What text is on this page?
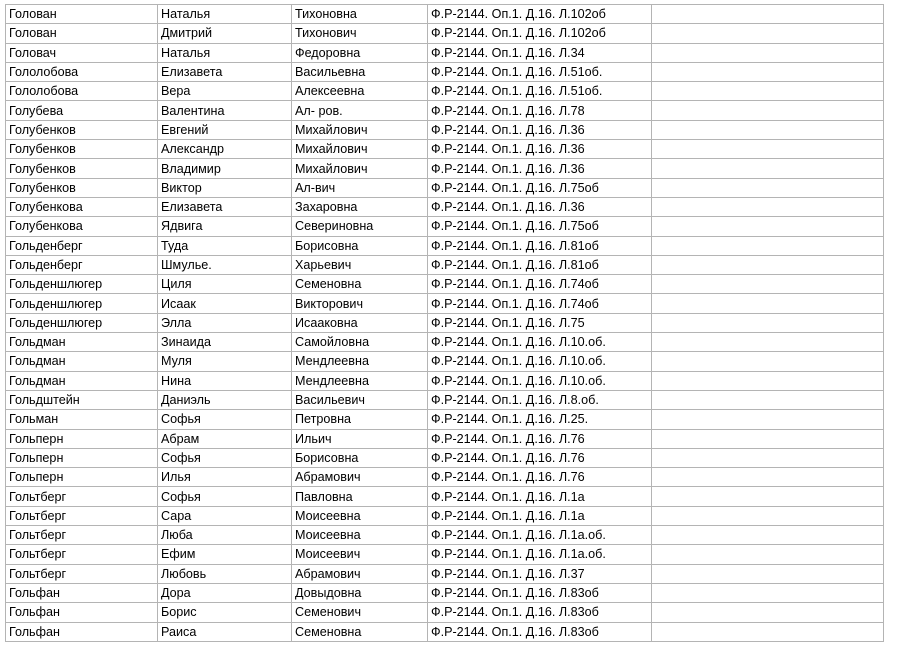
Голован	Наталья	Тихоновна	Ф.Р-2144. Оп.1. Д.16. Л.102об	
Голован	Дмитрий	Тихонович	Ф.Р-2144. Оп.1. Д.16. Л.102об	
Головач	Наталья	Федоровна	Ф.Р-2144. Оп.1. Д.16. Л.34	
Гололобова	Елизавета	Васильевна	Ф.Р-2144. Оп.1. Д.16. Л.51об.	
Гололобова	Вера	Алексеевна	Ф.Р-2144. Оп.1. Д.16. Л.51об.	
Голубева	Валентина	Ал- ров.	Ф.Р-2144. Оп.1. Д.16. Л.78	
Голубенков	Евгений	Михайлович	Ф.Р-2144. Оп.1. Д.16. Л.36	
Голубенков	Александр	Михайлович	Ф.Р-2144. Оп.1. Д.16. Л.36	
Голубенков	Владимир	Михайлович	Ф.Р-2144. Оп.1. Д.16. Л.36	
Голубенков	Виктор	Ал-вич	Ф.Р-2144. Оп.1. Д.16. Л.75об	
Голубенкова	Елизавета	Захаровна	Ф.Р-2144. Оп.1. Д.16. Л.36	
Голубенкова	Ядвига	Севериновна	Ф.Р-2144. Оп.1. Д.16. Л.75об	
Гольденберг	Туда	Борисовна	Ф.Р-2144. Оп.1. Д.16. Л.81об	
Гольденберг	Шмулье.	Харьевич	Ф.Р-2144. Оп.1. Д.16. Л.81об	
Гольденшлюгер	Циля	Семеновна	Ф.Р-2144. Оп.1. Д.16. Л.74об	
Гольденшлюгер	Исаак	Викторович	Ф.Р-2144. Оп.1. Д.16. Л.74об	
Гольденшлюгер	Элла	Исааковна	Ф.Р-2144. Оп.1. Д.16. Л.75	
Гольдман	Зинаида	Самойловна	Ф.Р-2144. Оп.1. Д.16. Л.10.об.	
Гольдман	Муля	Мендлеевна	Ф.Р-2144. Оп.1. Д.16. Л.10.об.	
Гольдман	Нина	Мендлеевна	Ф.Р-2144. Оп.1. Д.16. Л.10.об.	
Гольдштейн	Даниэль	Васильевич	Ф.Р-2144. Оп.1. Д.16. Л.8.об.	
Гольман	Софья	Петровна	Ф.Р-2144. Оп.1. Д.16. Л.25.	
Гольперн	Абрам	Ильич	Ф.Р-2144. Оп.1. Д.16. Л.76	
Гольперн	Софья	Борисовна	Ф.Р-2144. Оп.1. Д.16. Л.76	
Гольперн	Илья	Абрамович	Ф.Р-2144. Оп.1. Д.16. Л.76	
Гольтберг	Софья	Павловна	Ф.Р-2144. Оп.1. Д.16. Л.1а	
Гольтберг	Сара	Моисеевна	Ф.Р-2144. Оп.1. Д.16. Л.1а	
Гольтберг	Люба	Моисеевна	Ф.Р-2144. Оп.1. Д.16. Л.1а.об.	
Гольтберг	Ефим	Моисеевич	Ф.Р-2144. Оп.1. Д.16. Л.1а.об.	
Гольтберг	Любовь	Абрамович	Ф.Р-2144. Оп.1. Д.16. Л.37	
Гольфан	Дора	Довыдовна	Ф.Р-2144. Оп.1. Д.16. Л.83об	
Гольфан	Борис	Семенович	Ф.Р-2144. Оп.1. Д.16. Л.83об	
Гольфан	Раиса	Семеновна	Ф.Р-2144. Оп.1. Д.16. Л.83об	
